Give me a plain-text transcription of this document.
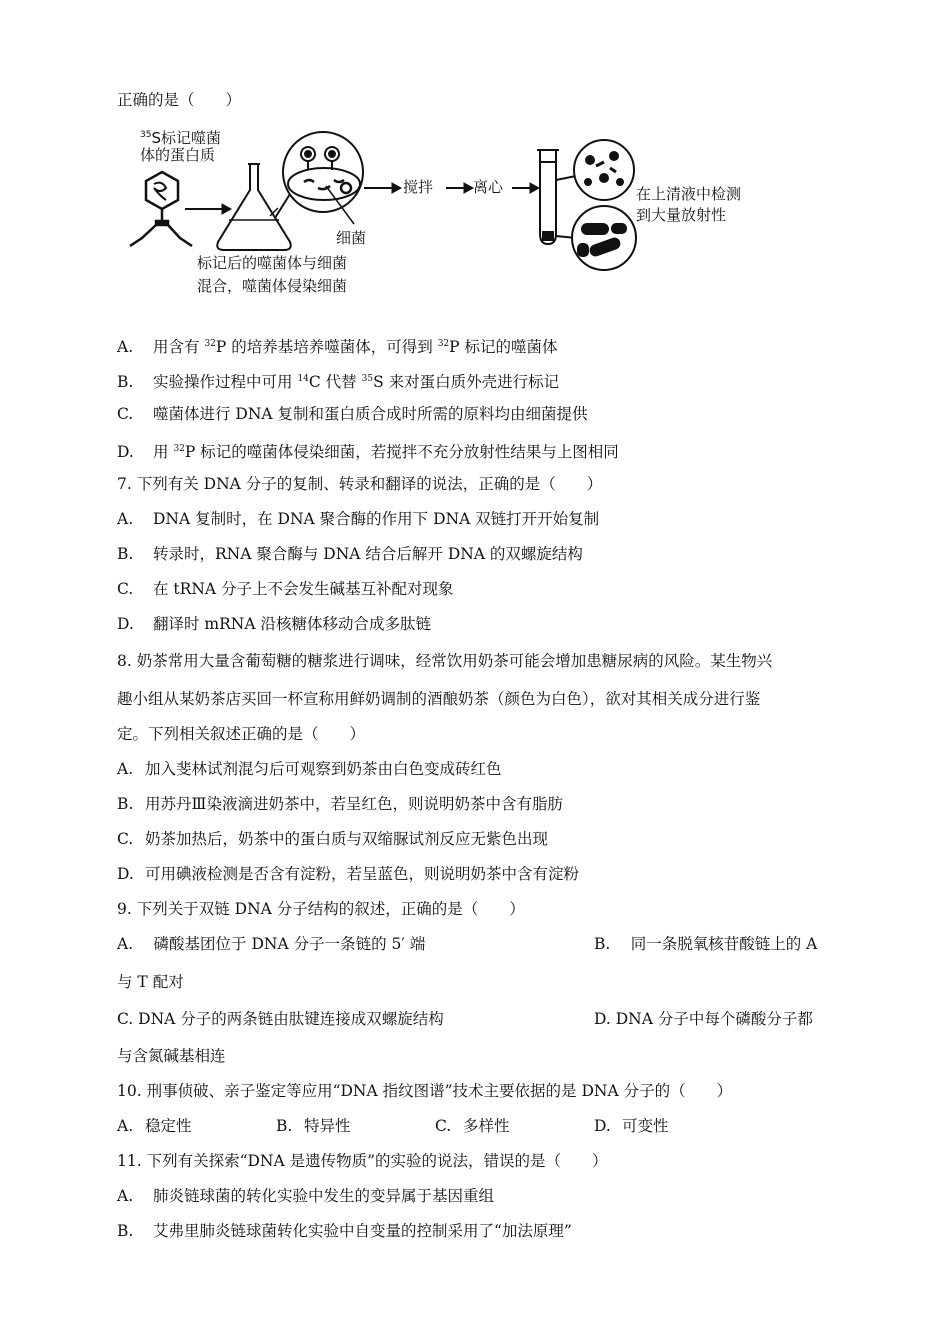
正确的是（　　）
$^{35}$S标记噬菌
体的蛋白质
标记后的噬菌体与细菌
混合，噬菌体侵染细菌
细菌
搅拌	离心	在上清液中检测
到大量放射性
A. 用含有 $^{32}$P 的培养基培养噬菌体，可得到 $^{32}$P 标记的噬菌体
B. 实验操作过程中可用 $^{14}$C 代替 $^{35}$S 来对蛋白质外壳进行标记
C. 噬菌体进行 DNA 复制和蛋白质合成时所需的原料均由细菌提供
D. 用 $^{32}$P 标记的噬菌体侵染细菌，若搅拌不充分放射性结果与上图相同
7. 下列有关 DNA 分子的复制、转录和翻译的说法，正确的是（　　）
A. DNA 复制时，在 DNA 聚合酶的作用下 DNA 双链打开开始复制
B. 转录时，RNA 聚合酶与 DNA 结合后解开 DNA 的双螺旋结构
C. 在 tRNA 分子上不会发生碱基互补配对现象
D. 翻译时 mRNA 沿核糖体移动合成多肽链
8. 奶茶常用大量含葡萄糖的糖浆进行调味，经常饮用奶茶可能会增加患糖尿病的风险。某生物兴
趣小组从某奶茶店买回一杯宣称用鲜奶调制的酒酿奶茶（颜色为白色），欲对其相关成分进行鉴
定。下列相关叙述正确的是（　　）
A. 加入斐林试剂混匀后可观察到奶茶由白色变成砖红色
B. 用苏丹Ⅲ染液滴进奶茶中，若呈红色，则说明奶茶中含有脂肪
C. 奶茶加热后，奶茶中的蛋白质与双缩脲试剂反应无紫色出现
D. 可用碘液检测是否含有淀粉，若呈蓝色，则说明奶茶中含有淀粉
9. 下列关于双链 DNA 分子结构的叙述，正确的是（　　）
A.　 磷酸基团位于 DNA 分子一条链的 5′ 端	B.　 同一条脱氧核苷酸链上的 A
与 T 配对
C. DNA 分子的两条链由肽键连接成双螺旋结构	D. DNA 分子中每个磷酸分子都
与含氮碱基相连
10. 刑事侦破、亲子鉴定等应用“DNA 指纹图谱”技术主要依据的是 DNA 分子的（　　）
A. 稳定性	B. 特异性	C. 多样性	D. 可变性
11. 下列有关探索“DNA 是遗传物质”的实验的说法，错误的是（　　）
A. 肺炎链球菌的转化实验中发生的变异属于基因重组
B. 艾弗里肺炎链球菌转化实验中自变量的控制采用了“加法原理”
